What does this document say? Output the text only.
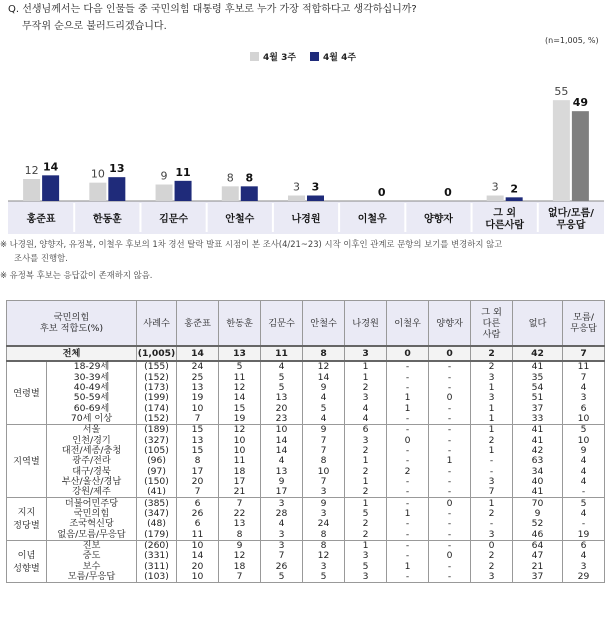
Q. 선생님께서는 다음 인물들 중 국민의힘 대통령 후보로 누가 가장 적합하다고 생각하십니까?
무작위 순으로 불러드리겠습니다.
(n=1,005, %)
4월 3주	4월 4주
12 14
홍준표
10 13
한동훈
9 11
김문수
8 8
안철수
3 3
나경원
0
이철우
0
양향자
3 2
그 외
다른사람
55
49
없다/모름/
무응답
※ 나경원, 양향자, 유정복, 이철우 후보의 1차 경선 탈락 발표 시점이 본 조사(4/21~23) 시작 이후인 관계로 문항의 보기를 변경하지 않고
조사를 진행함.
※ 유정복 후보는 응답값이 존재하지 않음.
국민의힘
후보 적합도(%)		사례수	홍준표	한동훈	김문수	안철수	나경원	이철우	양향자	그 외
다른
사람	없다	모름/
무응답
전체		(1,005)	14	13	11	8	3	0	0	2	42	7
연령별	18-29세	(155)	24	5	4	12	1	-	-	2	41	11
	30-39세	(152)	25	11	5	14	1	-	-	3	35	7
	40-49세	(173)	13	12	5	9	2	-	-	1	54	4
	50-59세	(199)	19	14	13	4	3	1	0	3	51	3
	60-69세	(174)	10	15	20	5	4	1	-	1	37	6
	70세 이상	(152)	7	19	23	4	4	-	-	1	33	10
지역별	서울	(189)	15	12	10	9	6	-	-	1	41	5
	인천/경기	(327)	13	10	14	7	3	0	-	2	41	10
	대전/세종/충청	(105)	15	10	14	7	2	-	-	1	42	9
	광주/전라	(96)	8	11	4	8	1	-	1	-	63	4
	대구/경북	(97)	17	18	13	10	2	2	-	-	34	4
	부산/울산/경남	(150)	20	17	9	7	1	-	-	3	40	4
	강원/제주	(41)	7	21	17	3	2	-	-	7	41	-
지지
정당별	더불어민주당	(385)	6	7	3	9	1	-	0	1	70	5
	국민의힘	(347)	26	22	28	3	5	1	-	2	9	4
	조국혁신당	(48)	6	13	4	24	2	-	-	-	52	-
	없음/모름/무응답	(179)	11	8	3	8	2	-	-	3	46	19
이념
성향별	진보	(260)	10	9	3	8	1	-	-	0	64	6
	중도	(331)	14	12	7	12	3	-	0	2	47	4
	보수	(311)	20	18	26	3	5	1	-	2	21	3
	모름/무응답	(103)	10	7	5	5	3	-	-	3	37	29
